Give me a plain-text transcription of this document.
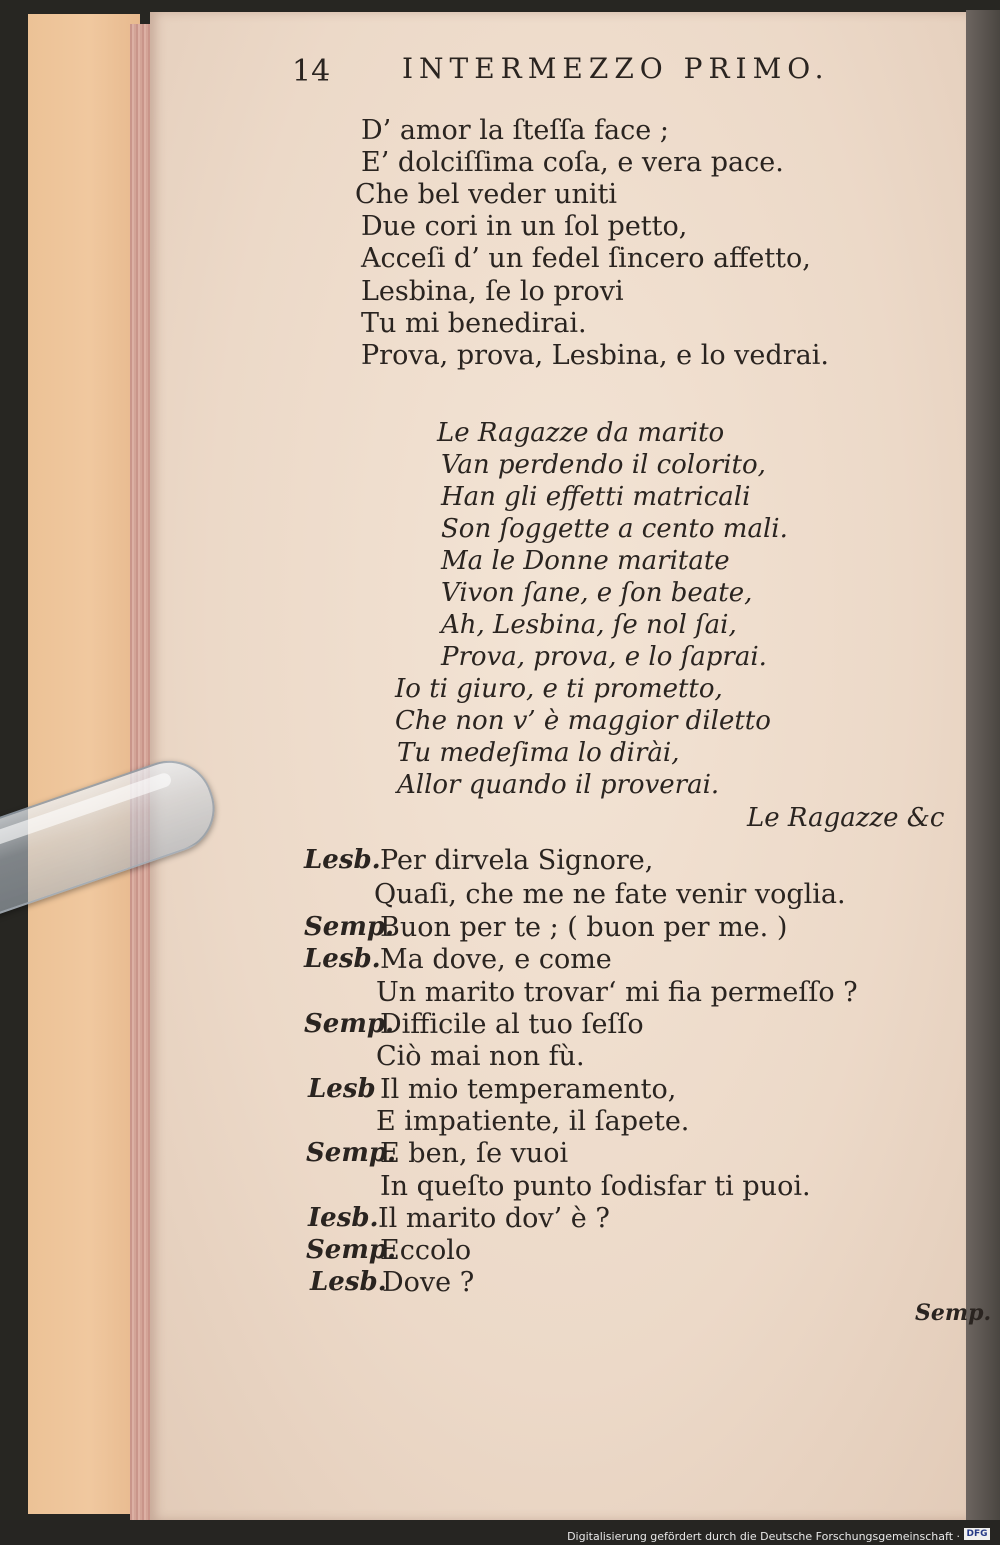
14	INTERMEZZO PRIMO.
D’ amor la ſteſſa face ;
E’ dolciſſima coſa, e vera pace.
Che bel veder uniti
Due cori in un ſol petto,
Acceſi d’ un fedel ſincero affetto,
Lesbina, ſe lo provi
Tu mi benedirai.
Prova, prova, Lesbina, e lo vedrai.
Le Ragazze da marito
Van perdendo il colorito,
Han gli effetti matricali
Son ſoggette a cento mali.
Ma le Donne maritate
Vivon ſane, e ſon beate,
Ah, Lesbina, ſe nol ſai,
Prova, prova, e lo ſaprai.
Io ti giuro, e ti prometto,
Che non v’ è maggior diletto
Tu medeſima lo dirài,
Allor quando il proverai.
Le Ragazze &c
Lesb. Per dirvela Signore,
Quaſi, che me ne fate venir voglia.
Semp.
Buon per te ; ( buon per me. )
Lesb. Ma dove, e come
Un marito trovar‘ mi fia permeſſo ?
Semp.
Difficile al tuo ſeſſo
Ciò mai non fù.
Lesb Il mio temperamento,
E impatiente, il ſapete.
Semp.
E ben, ſe vuoi
In queſto punto ſodisfar ti puoi.
Iesb. Il marito dov’ è ?
Semp.
Eccolo
Lesb.
Dove ?
Semp.
Digitalisierung gefördert durch die Deutsche Forschungsgemeinschaft · DFG
